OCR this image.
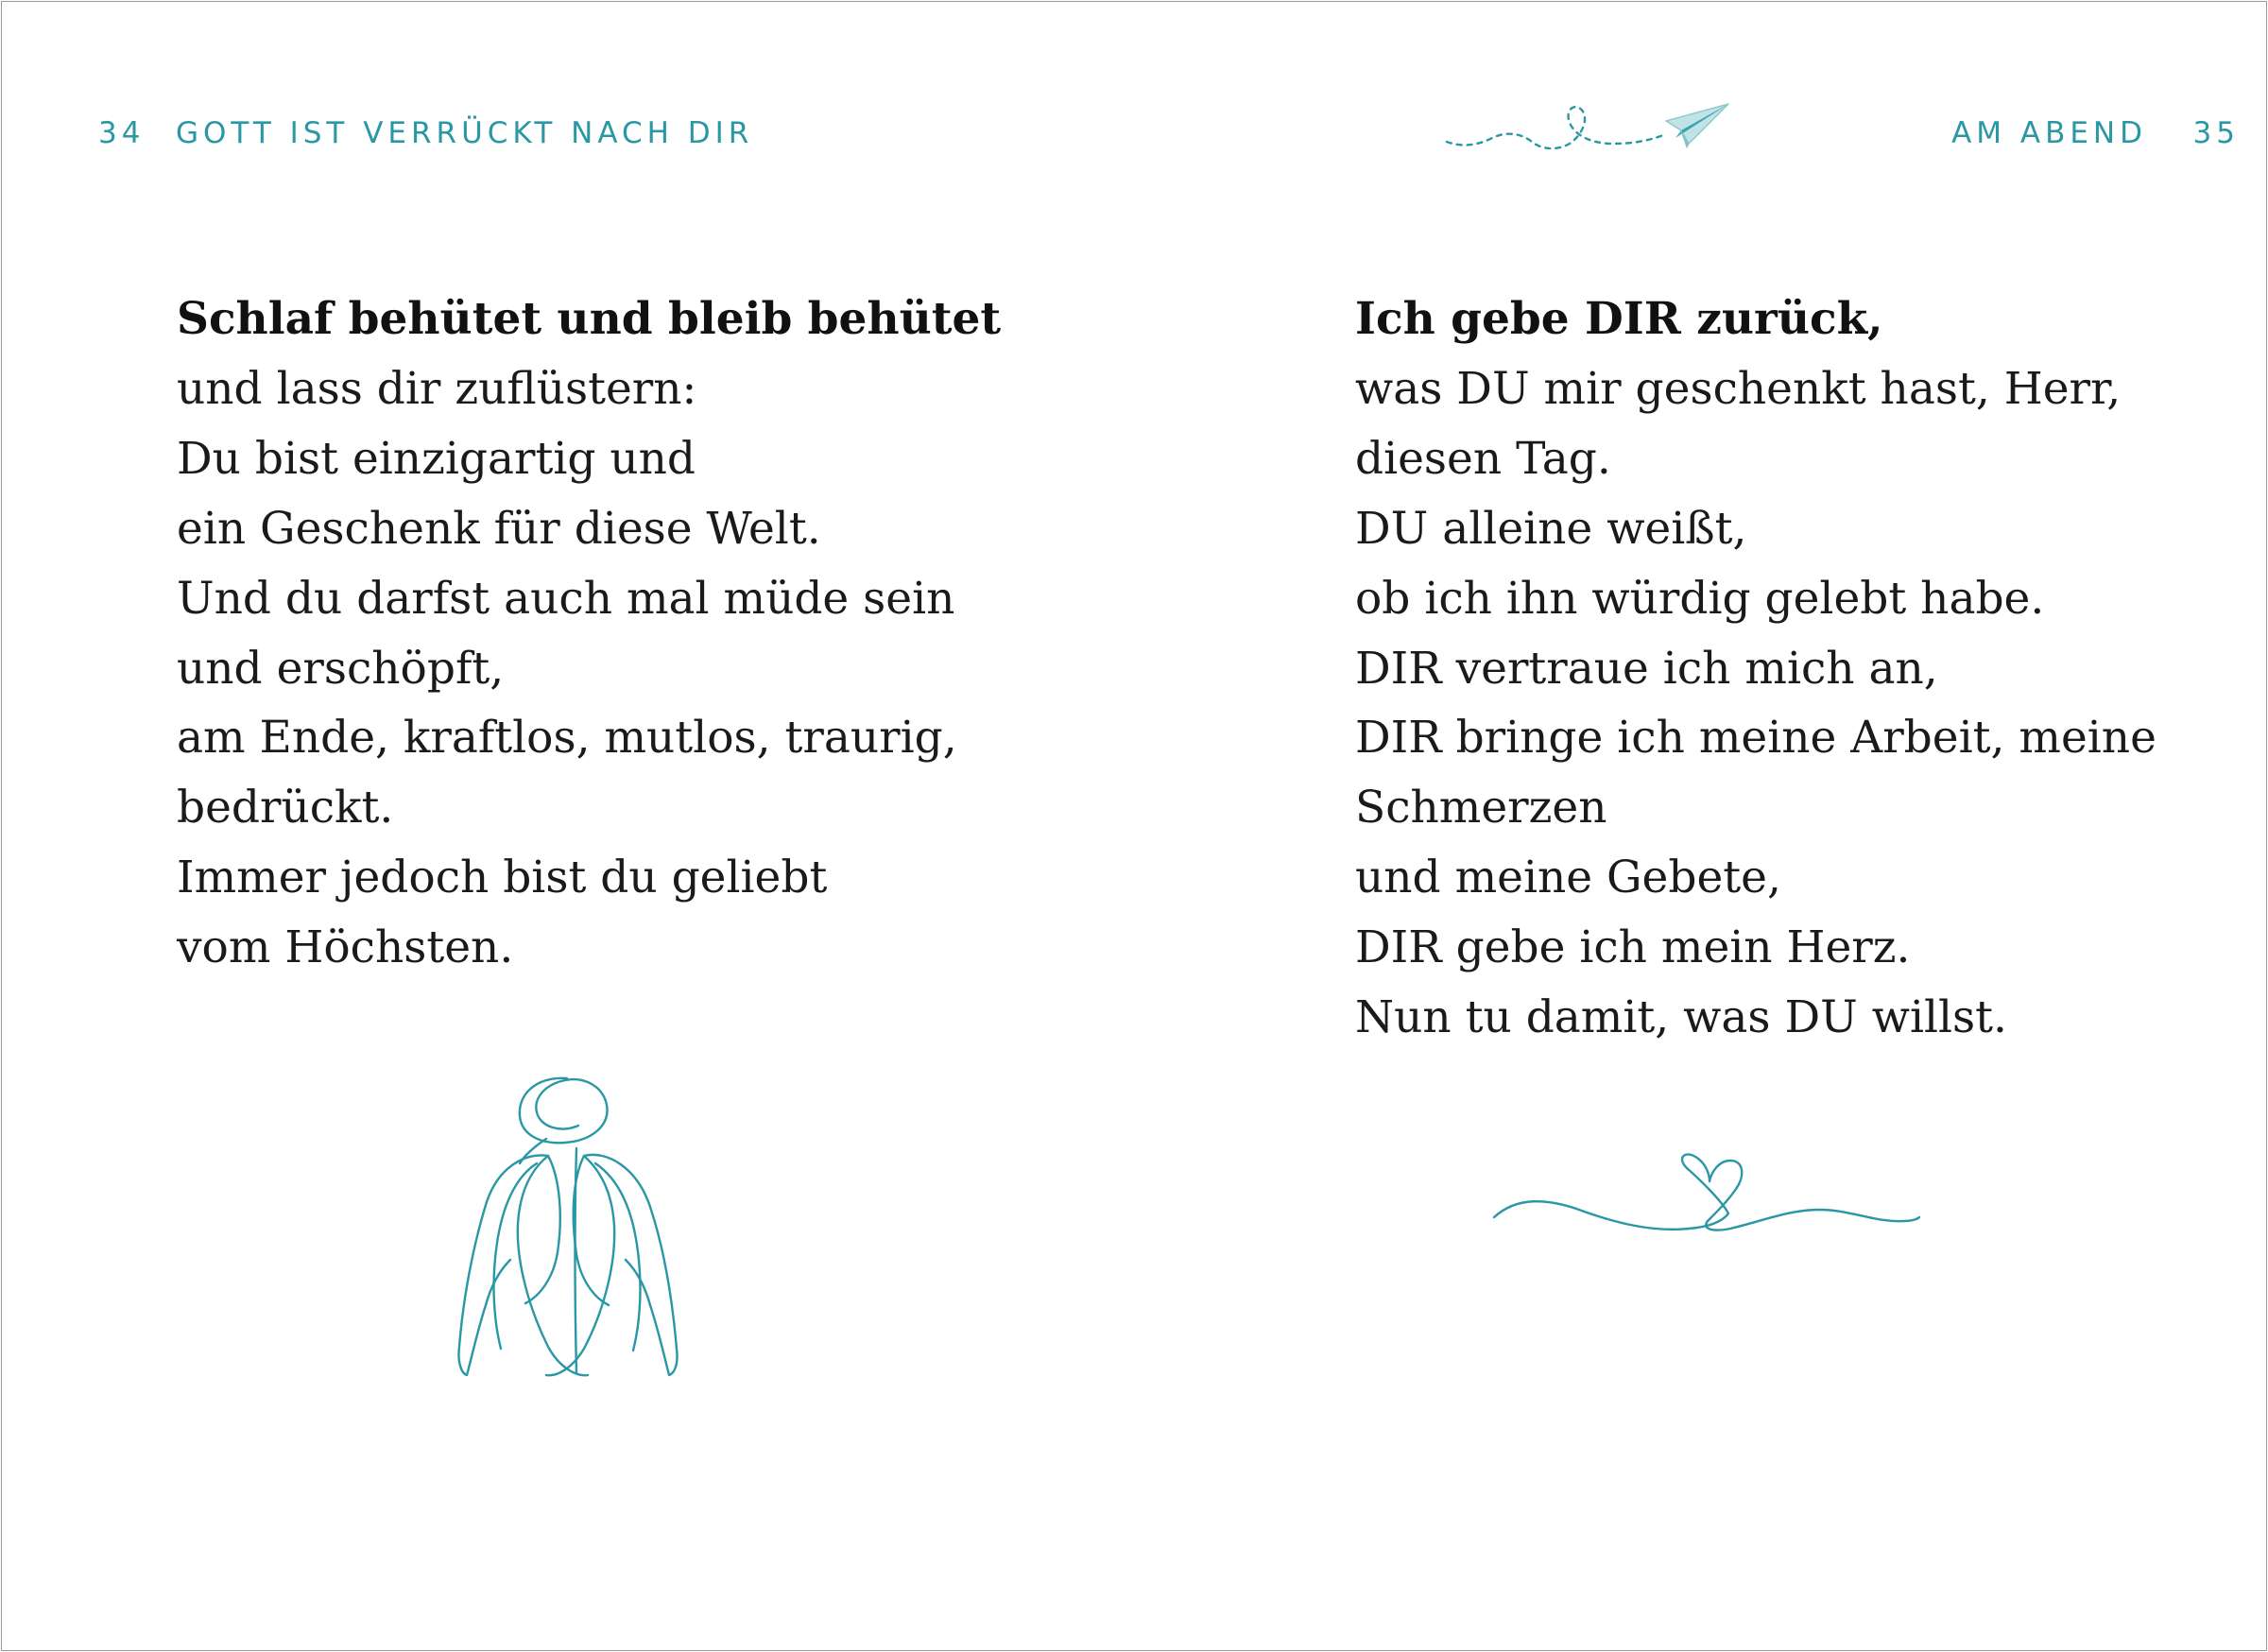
34 GOTT IST VERRÜCKT NACH DIR
Schlaf behütet und bleib behütet
und lass dir zuflüstern:
Du bist einzigartig und
ein Geschenk für diese Welt.
Und du darfst auch mal müde sein
und erschöpft,
am Ende, kraftlos, mutlos, traurig,
bedrückt.
Immer jedoch bist du geliebt
vom Höchsten.
AM ABEND 35
Ich gebe DIR zurück,
was DU mir geschenkt hast, Herr,
diesen Tag.
DU alleine weißt,
ob ich ihn würdig gelebt habe.
DIR vertraue ich mich an,
DIR bringe ich meine Arbeit, meine
Schmerzen
und meine Gebete,
DIR gebe ich mein Herz.
Nun tu damit, was DU willst.
